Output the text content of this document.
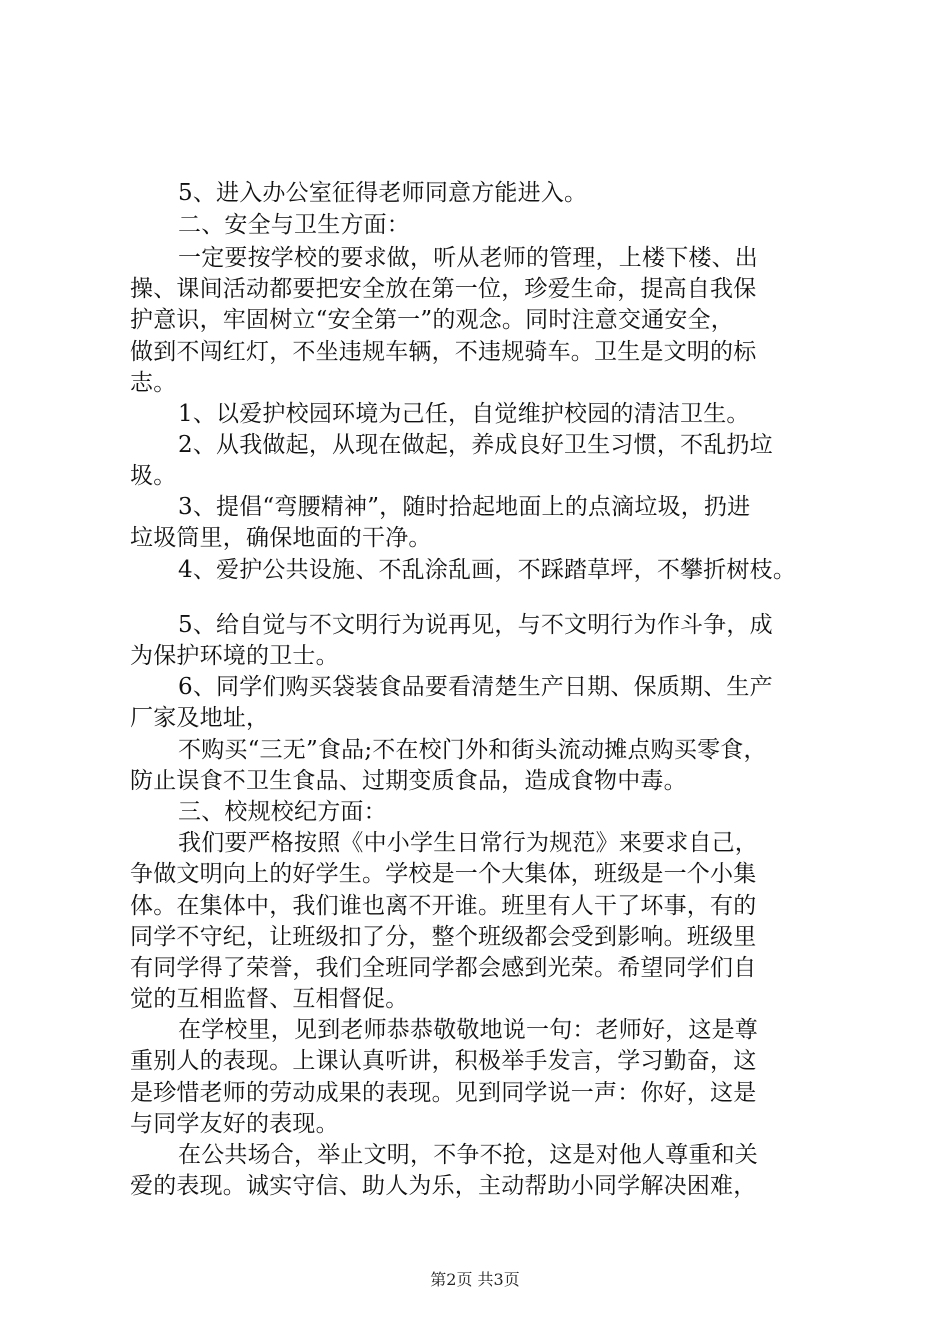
5、进入办公室征得老师同意方能进入。
二、安全与卫生方面：
一定要按学校的要求做，听从老师的管理，上楼下楼、出
操、课间活动都要把安全放在第一位，珍爱生命，提高自我保
护意识，牢固树立“安全第一”的观念。同时注意交通安全，
做到不闯红灯，不坐违规车辆，不违规骑车。卫生是文明的标
志。
1、以爱护校园环境为己任，自觉维护校园的清洁卫生。
2、从我做起，从现在做起，养成良好卫生习惯，不乱扔垃
圾。
3、提倡“弯腰精神”，随时拾起地面上的点滴垃圾，扔进
垃圾筒里，确保地面的干净。
4、爱护公共设施、不乱涂乱画，不踩踏草坪，不攀折树枝。
5、给自觉与不文明行为说再见，与不文明行为作斗争，成
为保护环境的卫士。
6、同学们购买袋装食品要看清楚生产日期、保质期、生产
厂家及地址，
不购买“三无”食品;不在校门外和街头流动摊点购买零食，
防止误食不卫生食品、过期变质食品，造成食物中毒。
三、校规校纪方面：
我们要严格按照《中小学生日常行为规范》来要求自己，
争做文明向上的好学生。学校是一个大集体，班级是一个小集
体。在集体中，我们谁也离不开谁。班里有人干了坏事，有的
同学不守纪，让班级扣了分，整个班级都会受到影响。班级里
有同学得了荣誉，我们全班同学都会感到光荣。希望同学们自
觉的互相监督、互相督促。
在学校里，见到老师恭恭敬敬地说一句：老师好，这是尊
重别人的表现。上课认真听讲，积极举手发言，学习勤奋，这
是珍惜老师的劳动成果的表现。见到同学说一声：你好，这是
与同学友好的表现。
在公共场合，举止文明，不争不抢，这是对他人尊重和关
爱的表现。诚实守信、助人为乐，主动帮助小同学解决困难，
第2页 共3页
